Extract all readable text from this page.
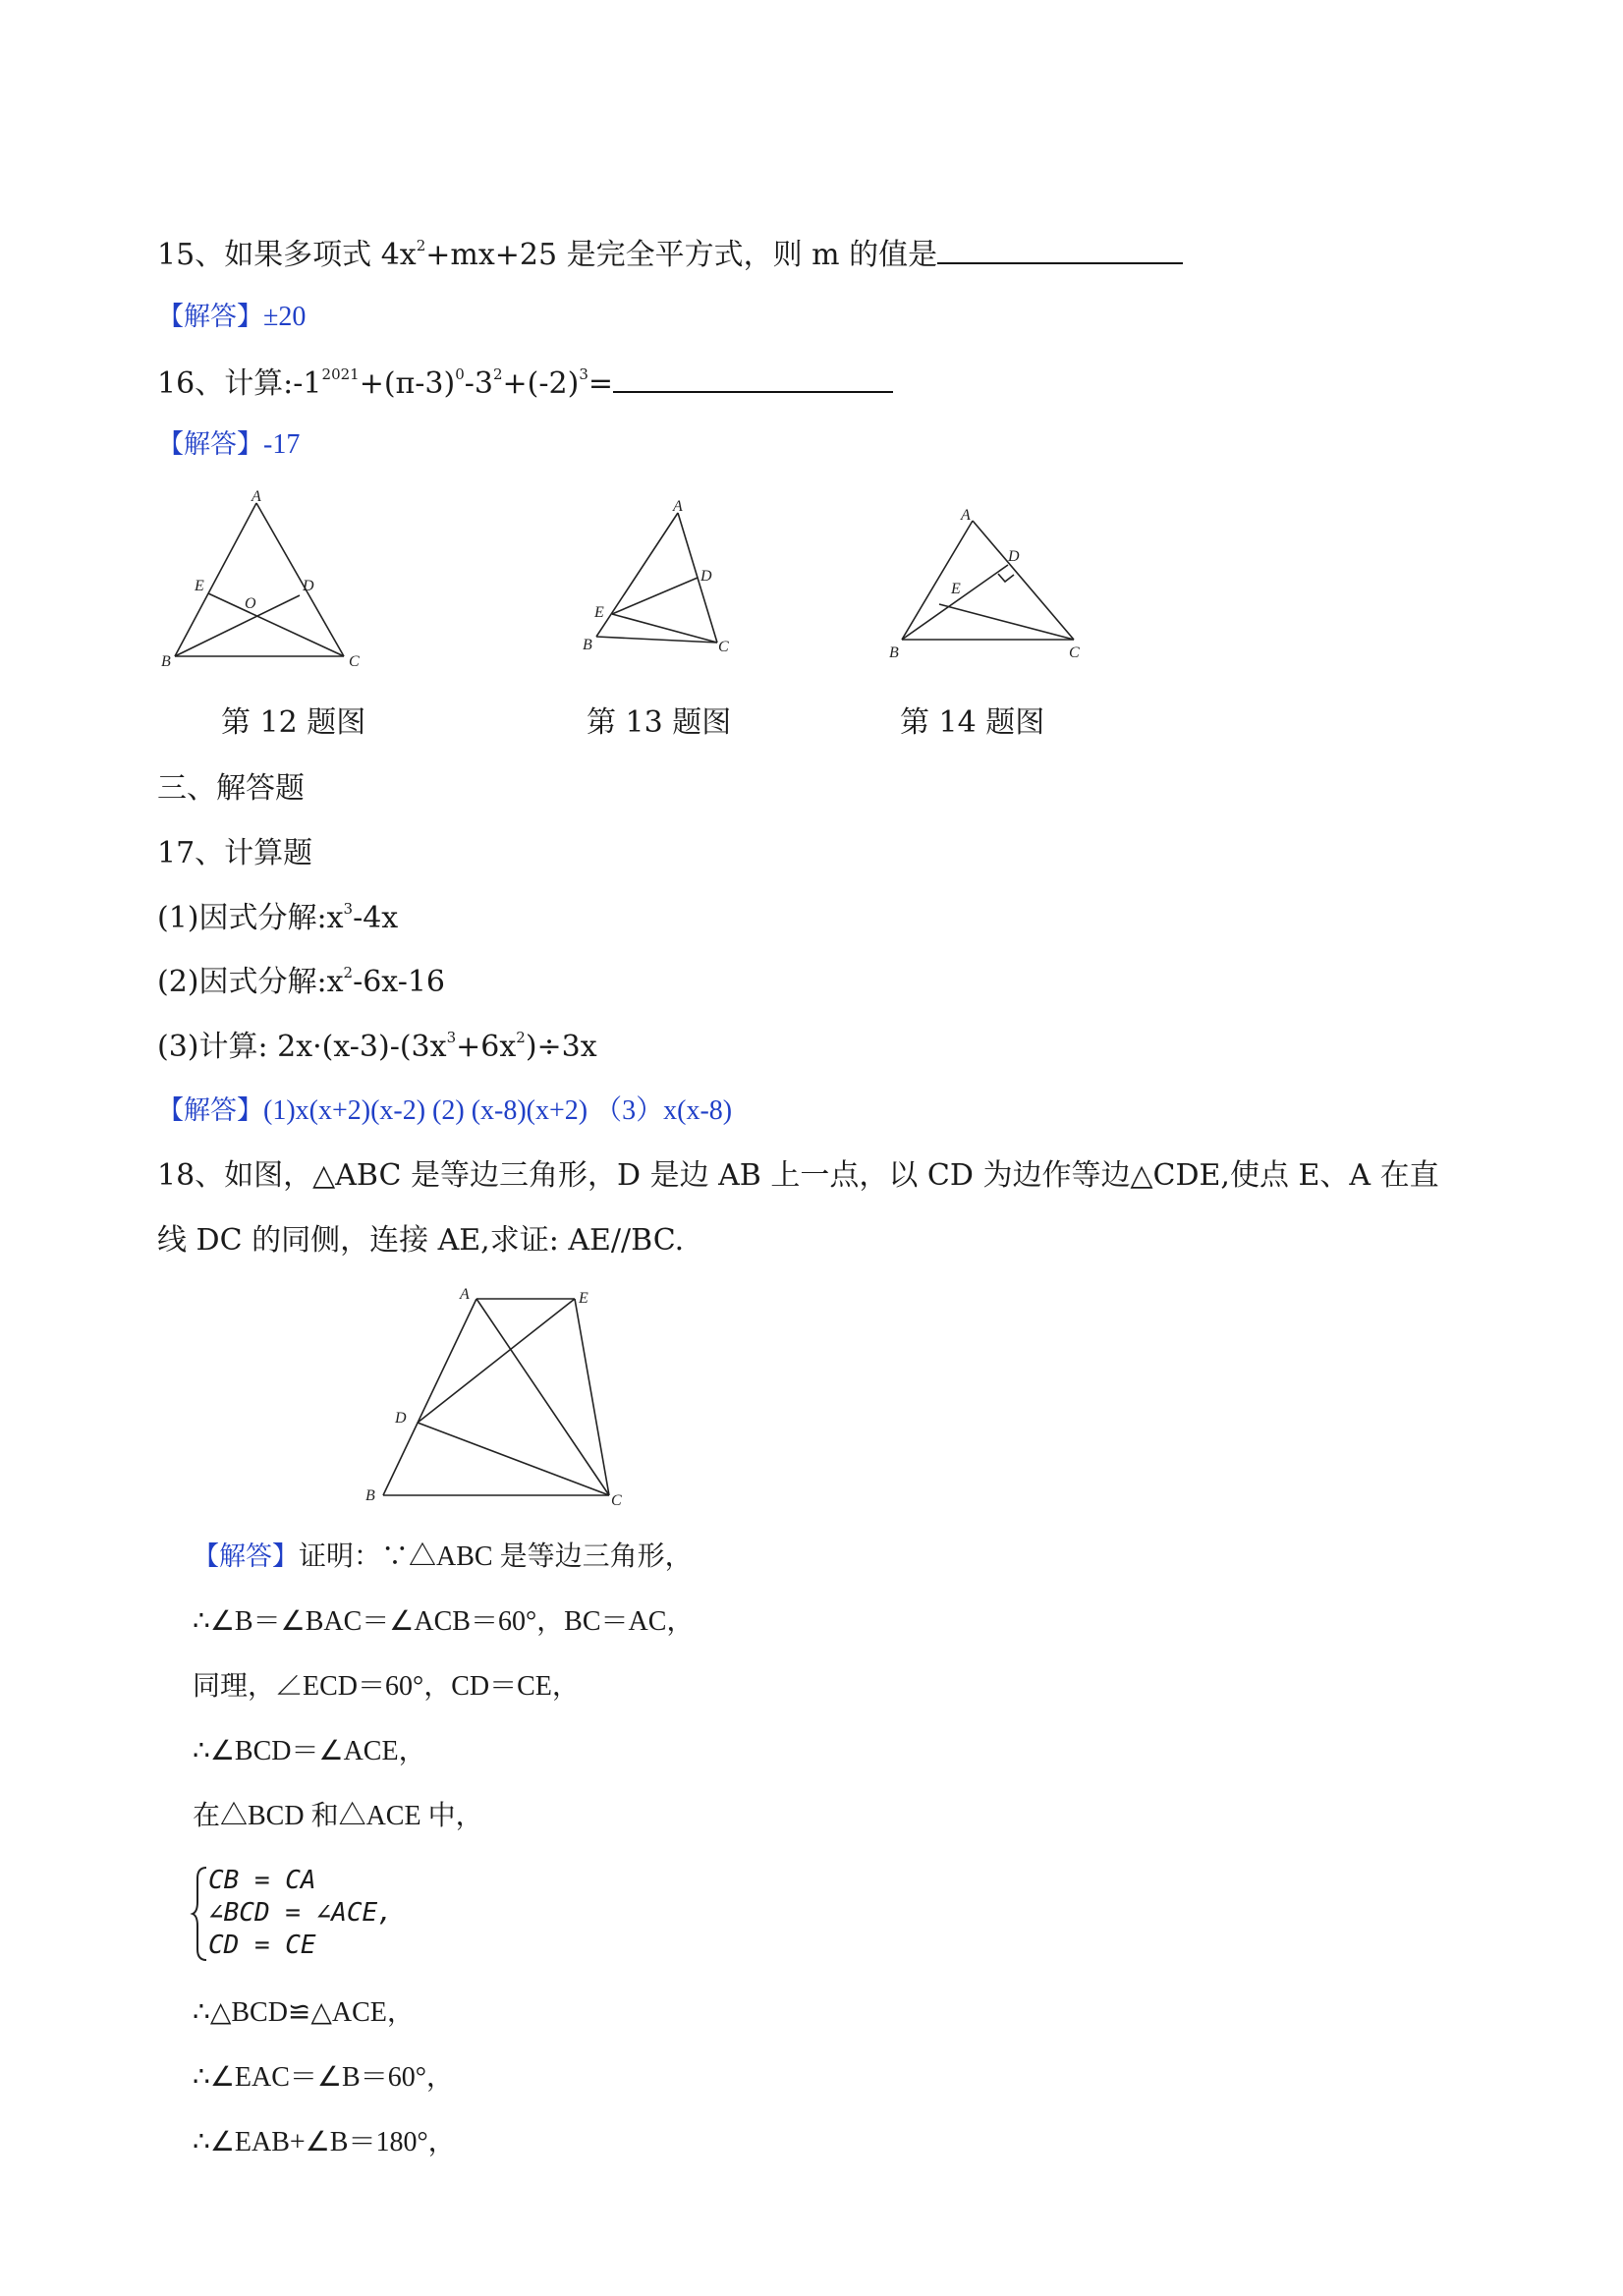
15、如果多项式 $4x^2+mx+25$ 是完全平方式，则 m 的值是
【解答】±20
16、计算$:-1^{2021}+(\pi-3)^0-3^2+(-2)^3=$
【解答】-17
A
B	C
D
E
O
A
B	C
D
E
A
B	C
D
E
第 12 题图	第 13 题图	第 14 题图
三、解答题
17、计算题
(1)因式分解$:x^3-4x$
(2)因式分解$:x^2-6x-16$
(3)计算: $2x\cdot(x-3)-(3x^3+6x^2)\div 3x$
【解答】(1)x(x+2)(x-2) (2) (x-8)(x+2) （3）x(x-8)
18、如图，△ABC 是等边三角形，D 是边 AB 上一点，以 CD 为边作等边△CDE,使点 E、A 在直
线 DC 的同侧，连接 AE,求证: AE//BC.
A	E
D
B	C
【解答】证明：∵△ABC 是等边三角形，
∴∠B＝∠BAC＝∠ACB＝60°，BC＝AC，
同理，∠ECD＝60°，CD＝CE，
∴∠BCD＝∠ACE，
在△BCD 和△ACE 中，
CB = CA
∠BCD = ∠ACE,
CD = CE
∴△BCD≌△ACE，
∴∠EAC＝∠B＝60°，
∴∠EAB+∠B＝180°，
